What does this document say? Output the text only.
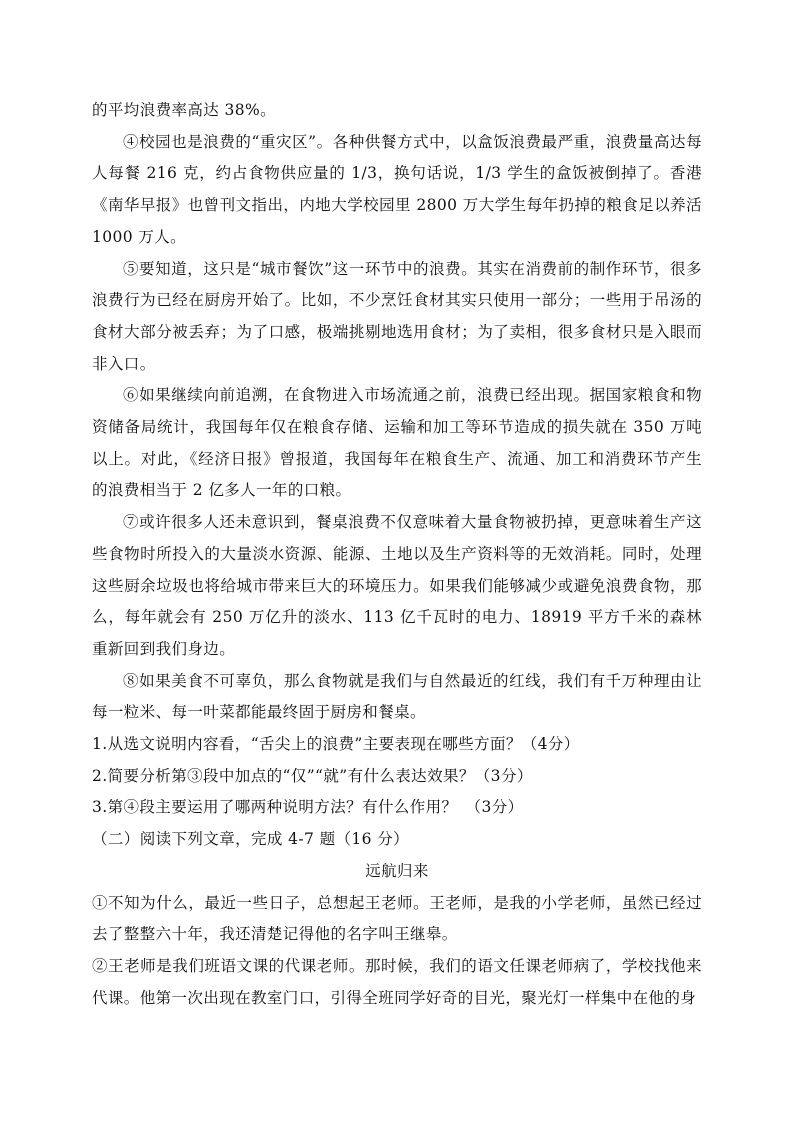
的平均浪费率高达 38%。

④校园也是浪费的“重灾区”。各种供餐方式中，以盒饭浪费最严重，浪费量高达每人每餐 216 克，约占食物供应量的 1/3，换句话说，1/3 学生的盒饭被倒掉了。香港《南华早报》也曾刊文指出，内地大学校园里 2800 万大学生每年扔掉的粮食足以养活 1000 万人。

⑤要知道，这只是“城市餐饮”这一环节中的浪费。其实在消费前的制作环节，很多浪费行为已经在厨房开始了。比如，不少烹饪食材其实只使用一部分；一些用于吊汤的食材大部分被丢弃；为了口感，极端挑剔地选用食材；为了卖相，很多食材只是入眼而非入口。

⑥如果继续向前追溯，在食物进入市场流通之前，浪费已经出现。据国家粮食和物资储备局统计，我国每年仅在粮食存储、运输和加工等环节造成的损失就在 350 万吨以上。对此，《经济日报》曾报道，我国每年在粮食生产、流通、加工和消费环节产生的浪费相当于 2 亿多人一年的口粮。

⑦或许很多人还未意识到，餐桌浪费不仅意味着大量食物被扔掉，更意味着生产这些食物时所投入的大量淡水资源、能源、土地以及生产资料等的无效消耗。同时，处理这些厨余垃圾也将给城市带来巨大的环境压力。如果我们能够减少或避免浪费食物，那么，每年就会有 250 万亿升的淡水、113 亿千瓦时的电力、18919 平方千米的森林重新回到我们身边。

⑧如果美食不可辜负，那么食物就是我们与自然最近的红线，我们有千万种理由让每一粒米、每一叶菜都能最终固于厨房和餐桌。

1.从选文说明内容看，“舌尖上的浪费”主要表现在哪些方面？（4分）

2.简要分析第③段中加点的“仅”“就”有什么表达效果？（3分）

3.第④段主要运用了哪两种说明方法？有什么作用？　（3分）

（二）阅读下列文章，完成 4-7 题（16 分）

远航归来

①不知为什么，最近一些日子，总想起王老师。王老师，是我的小学老师，虽然已经过去了整整六十年，我还清楚记得他的名字叫王继皋。

②王老师是我们班语文课的代课老师。那时候，我们的语文任课老师病了，学校找他来代课。他第一次出现在教室门口，引得全班同学好奇的目光，聚光灯一样集中在他的身
